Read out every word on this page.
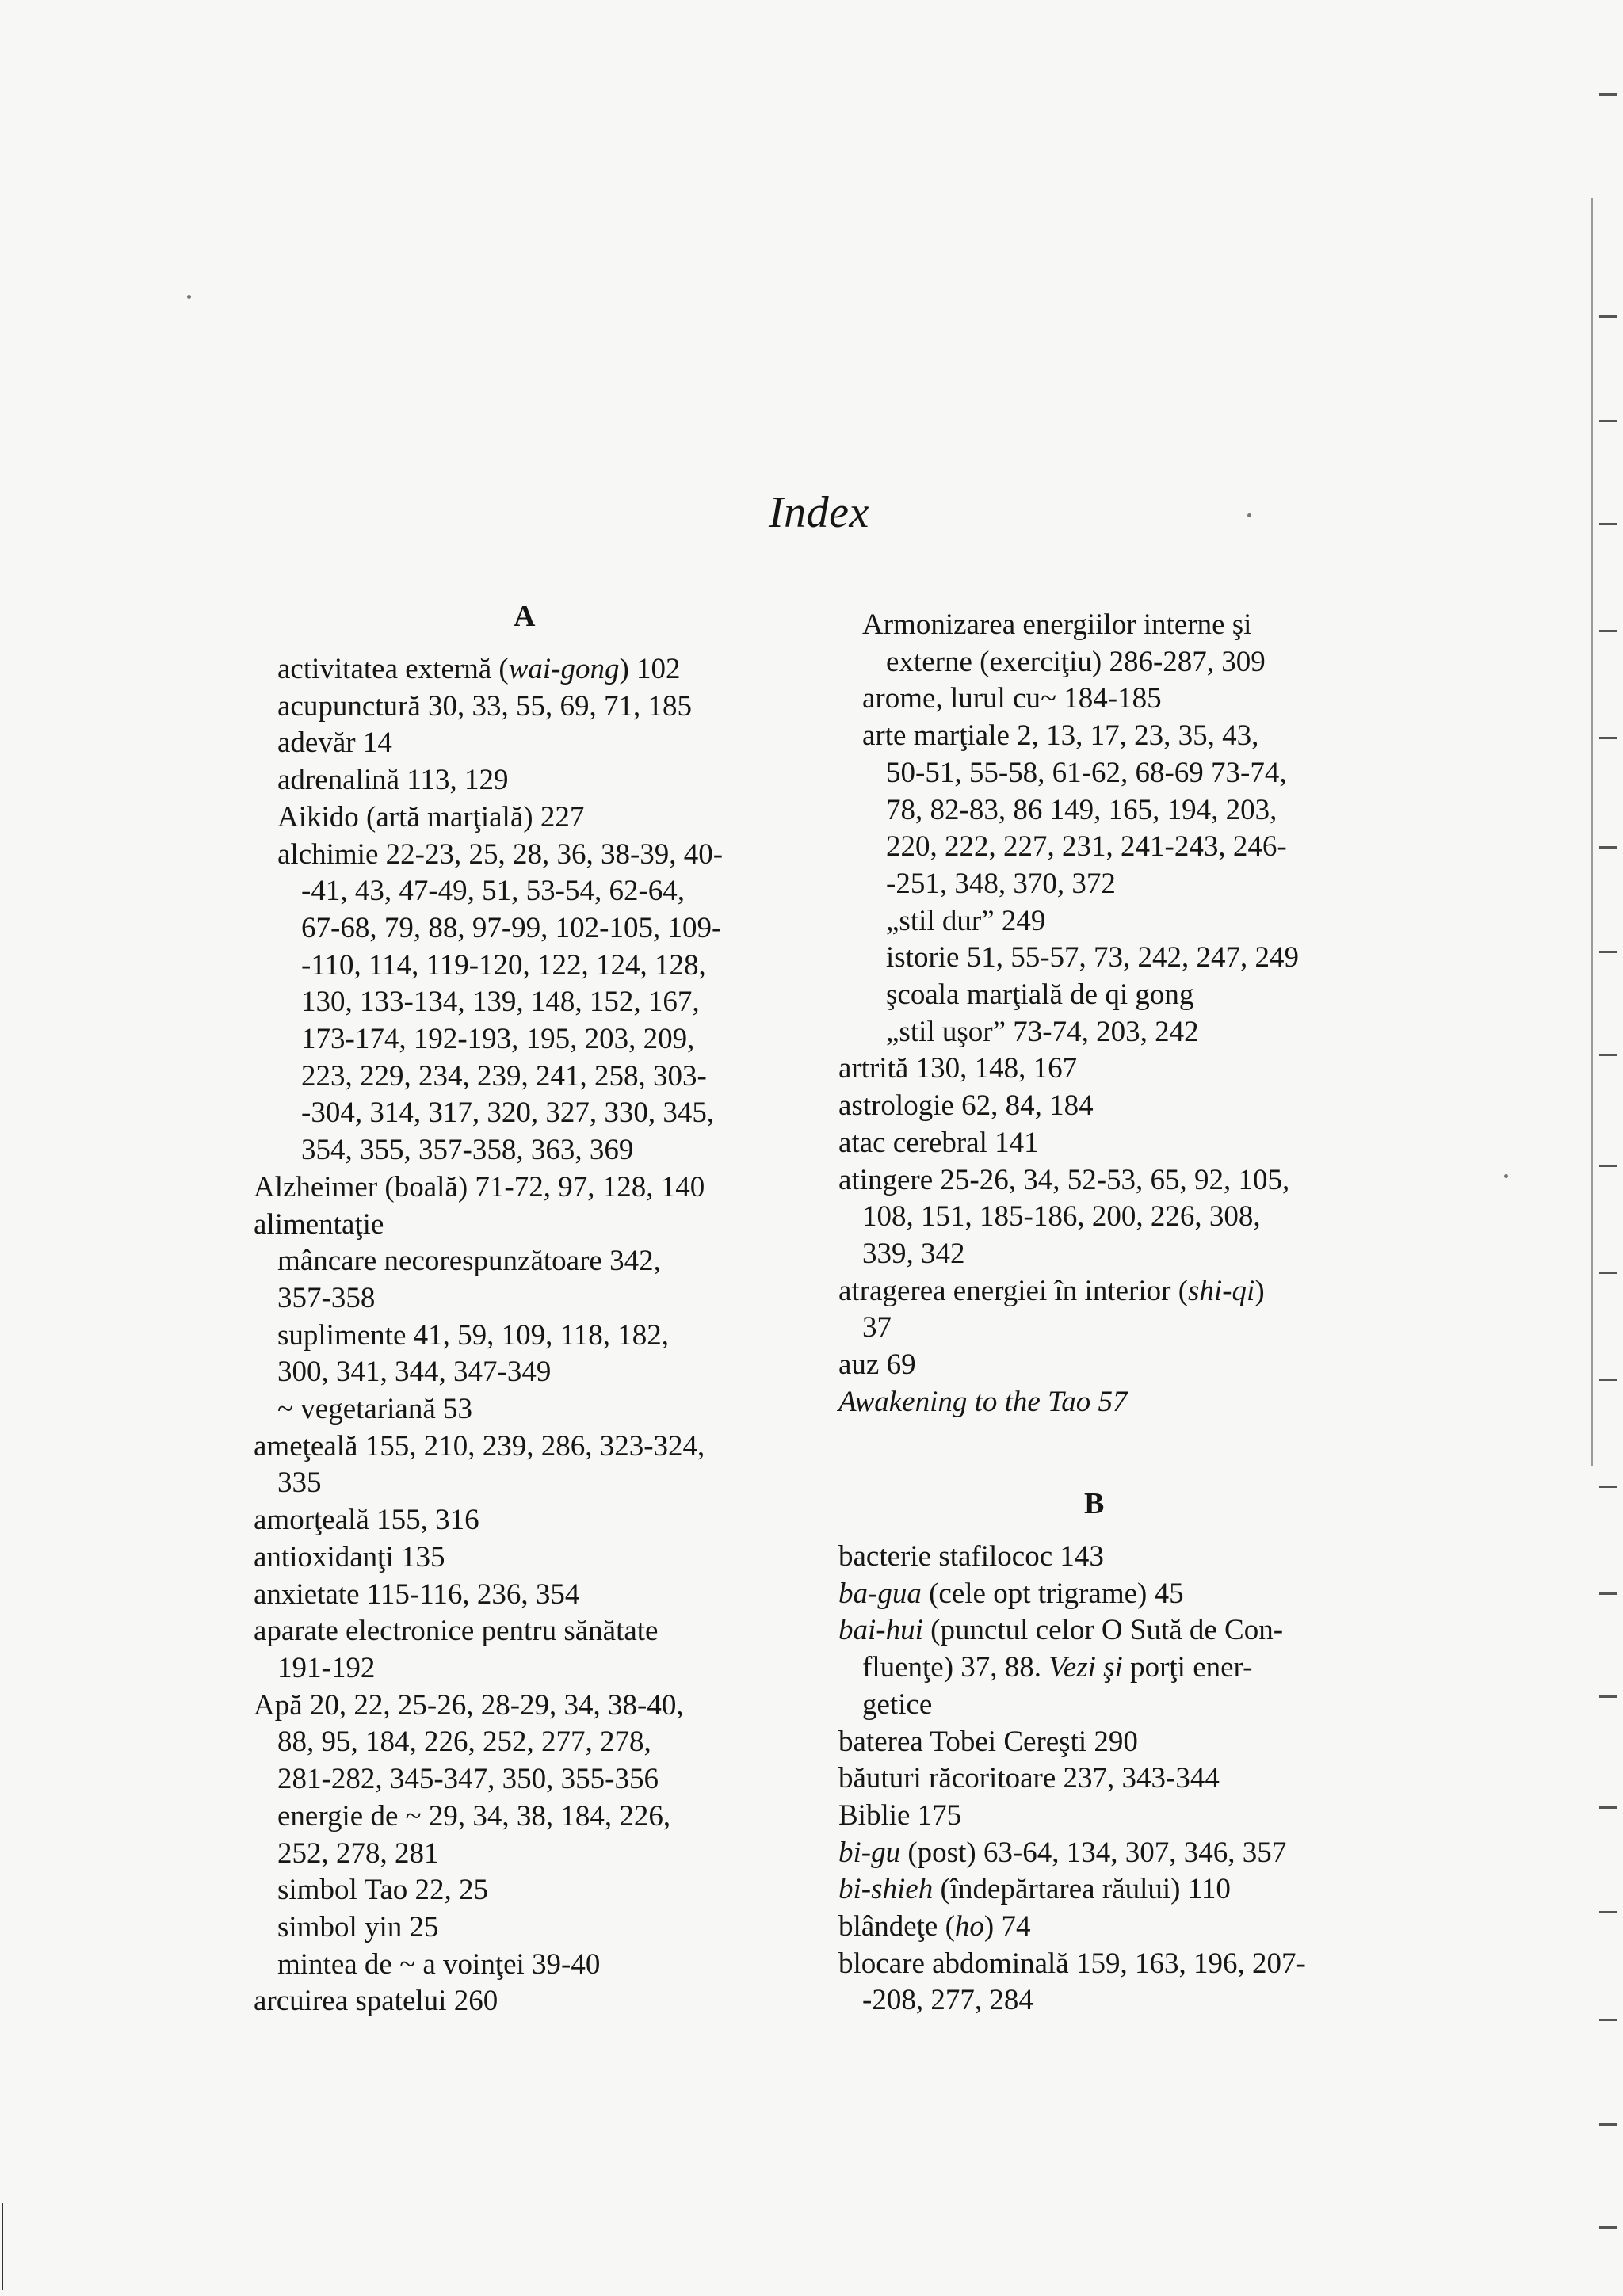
Index
A
activitatea externă (wai-gong) 102
acupunctură 30, 33, 55, 69, 71, 185
adevăr 14
adrenalină 113, 129
Aikido (artă marţială) 227
alchimie 22-23, 25, 28, 36, 38-39, 40-
-41, 43, 47-49, 51, 53-54, 62-64,
67-68, 79, 88, 97-99, 102-105, 109-
-110, 114, 119-120, 122, 124, 128,
130, 133-134, 139, 148, 152, 167,
173-174, 192-193, 195, 203, 209,
223, 229, 234, 239, 241, 258, 303-
-304, 314, 317, 320, 327, 330, 345,
354, 355, 357-358, 363, 369
Alzheimer (boală) 71-72, 97, 128, 140
alimentaţie
mâncare necorespunzătoare 342,
357-358
suplimente 41, 59, 109, 118, 182,
300, 341, 344, 347-349
~ vegetariană 53
ameţeală 155, 210, 239, 286, 323-324,
335
amorţeală 155, 316
antioxidanţi 135
anxietate 115-116, 236, 354
aparate electronice pentru sănătate
191-192
Apă 20, 22, 25-26, 28-29, 34, 38-40,
88, 95, 184, 226, 252, 277, 278,
281-282, 345-347, 350, 355-356
energie de ~ 29, 34, 38, 184, 226,
252, 278, 281
simbol Tao 22, 25
simbol yin 25
mintea de ~ a voinţei 39-40
arcuirea spatelui 260
Armonizarea energiilor interne şi
externe (exerciţiu) 286-287, 309
arome, lurul cu~ 184-185
arte marţiale 2, 13, 17, 23, 35, 43,
50-51, 55-58, 61-62, 68-69 73-74,
78, 82-83, 86 149, 165, 194, 203,
220, 222, 227, 231, 241-243, 246-
-251, 348, 370, 372
„stil dur” 249
istorie 51, 55-57, 73, 242, 247, 249
şcoala marţială de qi gong
„stil uşor” 73-74, 203, 242
artrită 130, 148, 167
astrologie 62, 84, 184
atac cerebral 141
atingere 25-26, 34, 52-53, 65, 92, 105,
108, 151, 185-186, 200, 226, 308,
339, 342
atragerea energiei în interior (shi-qi)
37
auz 69
Awakening to the Tao 57
B
bacterie stafilococ 143
ba-gua (cele opt trigrame) 45
bai-hui (punctul celor O Sută de Con-
fluenţe) 37, 88. Vezi şi porţi ener-
getice
baterea Tobei Cereşti 290
băuturi răcoritoare 237, 343-344
Biblie 175
bi-gu (post) 63-64, 134, 307, 346, 357
bi-shieh (îndepărtarea răului) 110
blândeţe (ho) 74
blocare abdominală 159, 163, 196, 207-
-208, 277, 284
